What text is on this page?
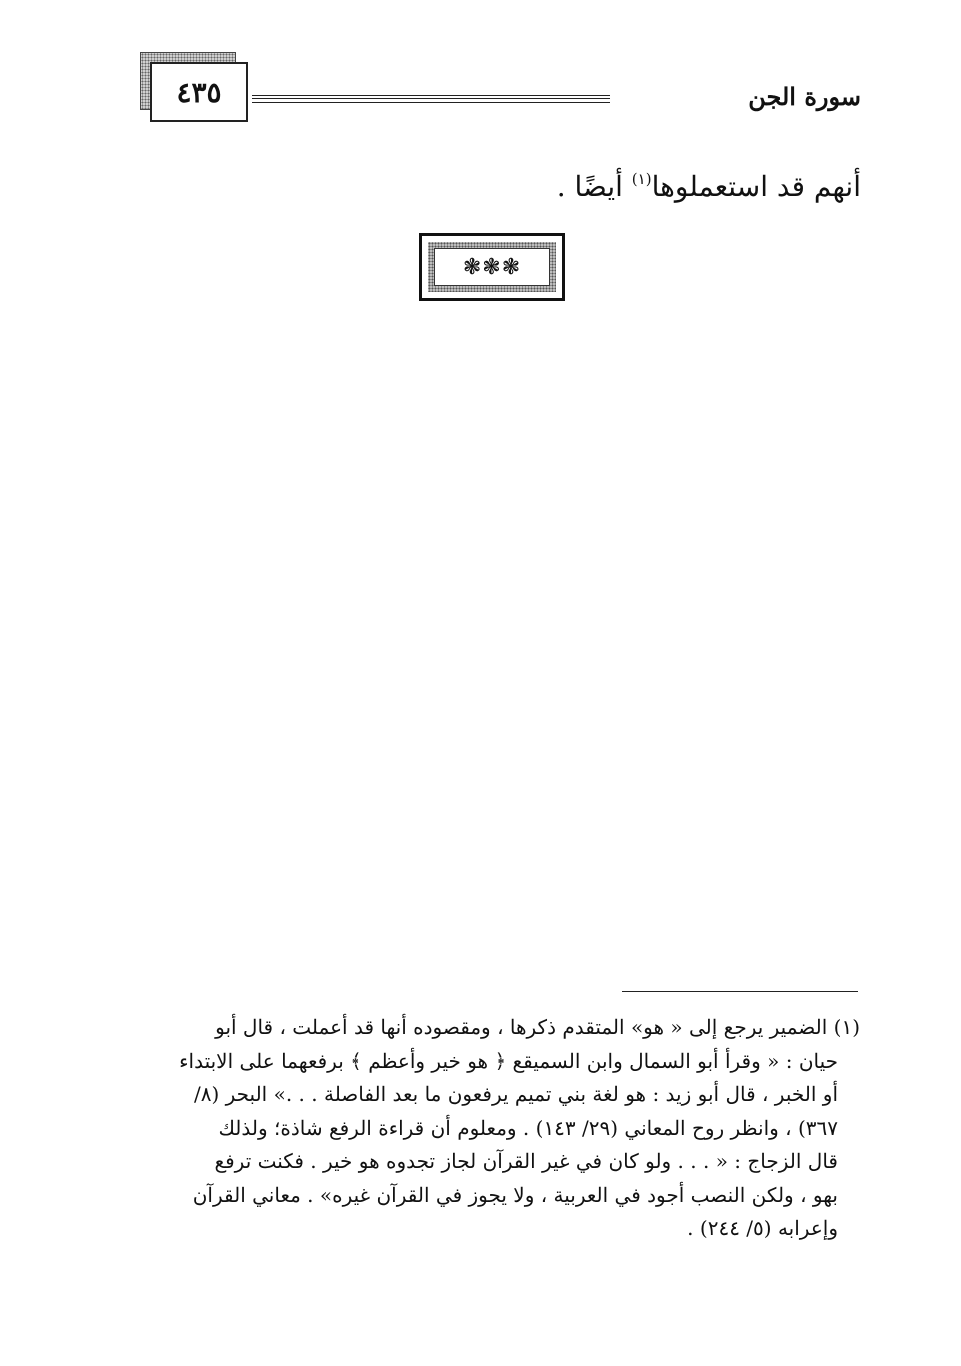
٤٣٥	سورة الجن
أنهم قد استعملوها$^{(١)}$ أيضًا .
❃❃❃
(١) الضمير يرجع إلى « هو» المتقدم ذكرها ، ومقصوده أنها قد أعملت ، قال أبو
حيان : « وقرأ أبو السمال وابن السميقع ﴿ هو خير وأعظم ﴾ برفعهما على الابتداء
أو الخبر ، قال أبو زيد : هو لغة بني تميم يرفعون ما بعد الفاصلة . . .» البحر (٨/
٣٦٧) ، وانظر روح المعاني (٢٩/ ١٤٣) . ومعلوم أن قراءة الرفع شاذة؛ ولذلك
قال الزجاج : « . . . ولو كان في غير القرآن لجاز تجدوه هو خير . فكنت ترفع
بهو ، ولكن النصب أجود في العربية ، ولا يجوز في القرآن غيره» . معاني القرآن
وإعرابه (٥/ ٢٤٤) .
